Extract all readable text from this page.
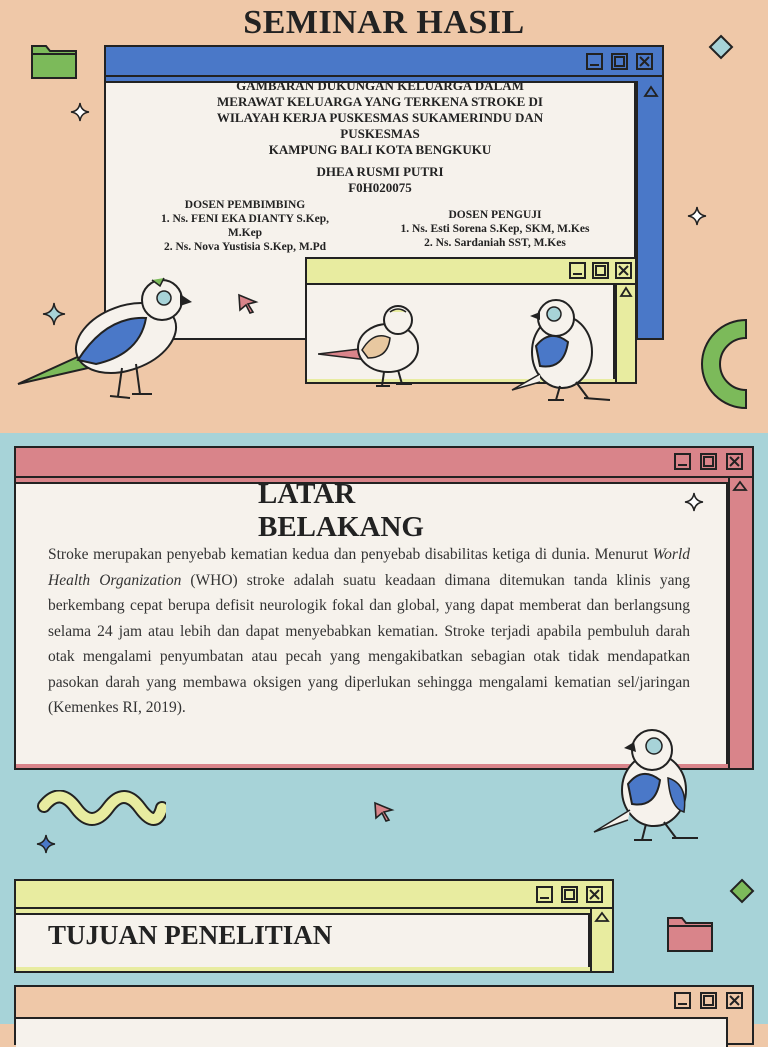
SEMINAR HASIL
GAMBARAN DUKUNGAN KELUARGA DALAM
MERAWAT KELUARGA YANG TERKENA STROKE DI
WILAYAH KERJA PUSKESMAS SUKAMERINDU DAN
PUSKESMAS
KAMPUNG BALI KOTA BENGKUKU
DHEA RUSMI PUTRI
F0H020075
DOSEN PEMBIMBING
1. Ns. FENI EKA DIANTY S.Kep,
M.Kep
2. Ns. Nova Yustisia S.Kep, M.Pd
DOSEN PENGUJI
1. Ns. Esti Sorena S.Kep, SKM, M.Kes
2. Ns. Sardaniah SST, M.Kes
LATAR
BELAKANG

Stroke merupakan penyebab kematian kedua dan penyebab disabilitas ketiga di dunia. Menurut World Health Organization (WHO) stroke adalah suatu keadaan dimana ditemukan tanda klinis yang berkembang cepat berupa defisit neurologik fokal dan global, yang dapat memberat dan berlangsung selama 24 jam atau lebih dan dapat menyebabkan kematian. Stroke terjadi apabila pembuluh darah otak mengalami penyumbatan atau pecah yang mengakibatkan sebagian otak tidak mendapatkan pasokan darah yang membawa oksigen yang diperlukan sehingga mengalami kematian sel/jaringan (Kemenkes RI, 2019).

TUJUAN PENELITIAN
